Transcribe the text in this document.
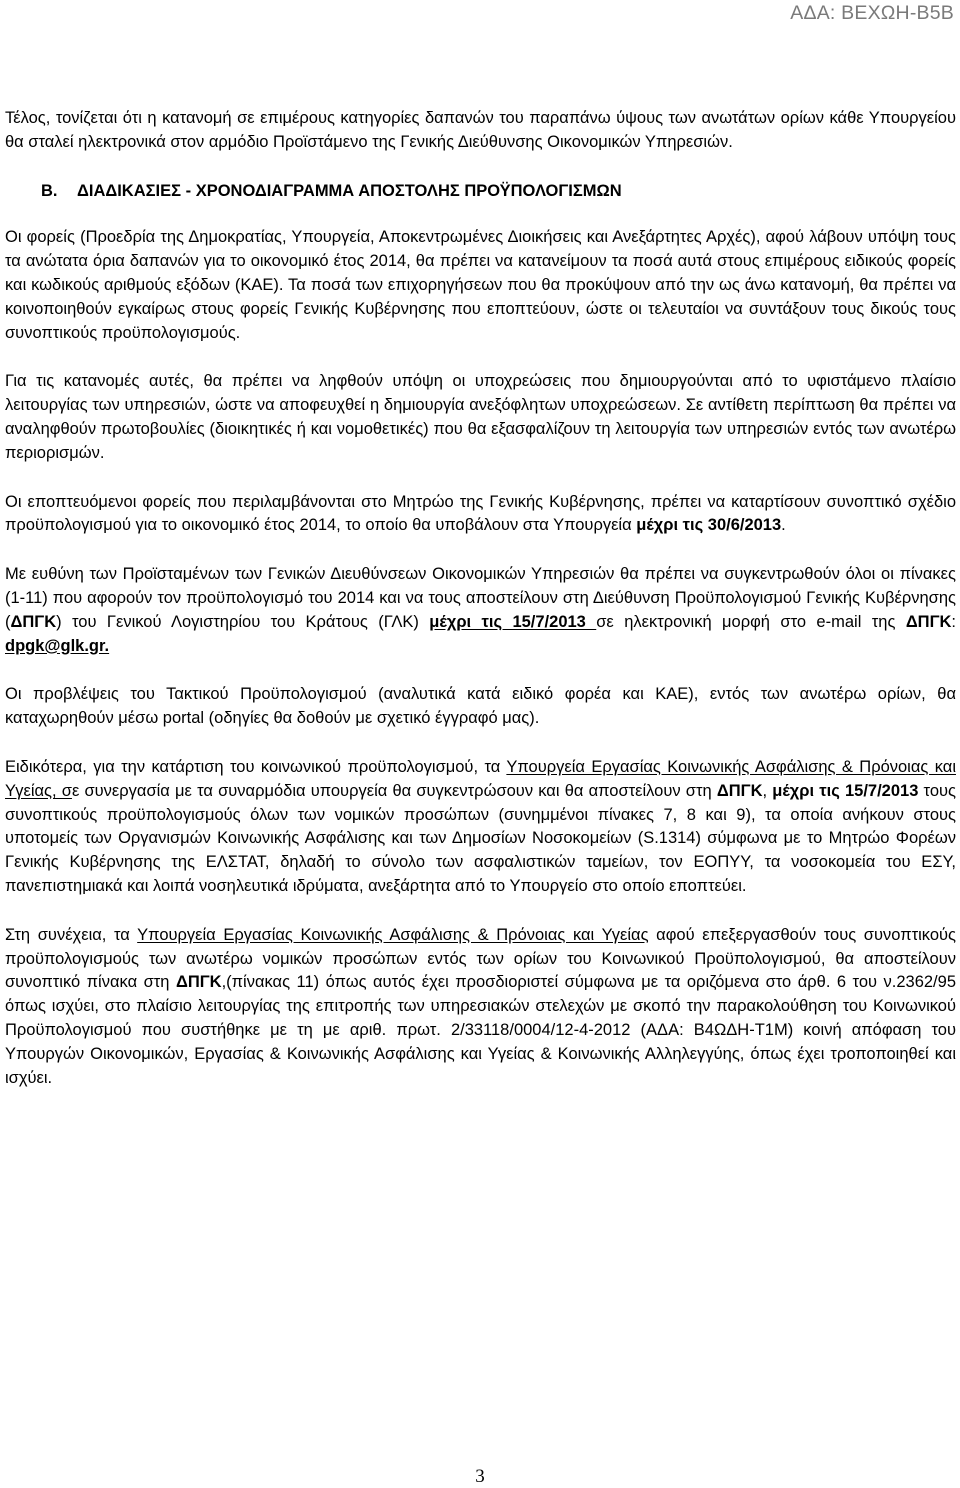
ΑΔΑ: ΒΕΧΩΗ-Β5Β

Τέλος, τονίζεται ότι η κατανομή σε επιμέρους κατηγορίες δαπανών του παραπάνω ύψους των ανωτάτων ορίων κάθε Υπουργείου θα σταλεί ηλεκτρονικά στον αρμόδιο Προϊστάμενο της Γενικής Διεύθυνσης Οικονομικών Υπηρεσιών.

Β. ΔΙΑΔΙΚΑΣΙΕΣ - ΧΡΟΝΟΔΙΑΓΡΑΜΜΑ ΑΠΟΣΤΟΛΗΣ ΠΡΟΫΠΟΛΟΓΙΣΜΩΝ

Οι φορείς (Προεδρία της Δημοκρατίας, Υπουργεία, Αποκεντρωμένες Διοικήσεις και Ανεξάρτητες Αρχές), αφού λάβουν υπόψη τους τα ανώτατα όρια δαπανών για το οικονομικό έτος 2014, θα πρέπει να κατανείμουν τα ποσά αυτά στους επιμέρους ειδικούς φορείς και κωδικούς αριθμούς εξόδων (ΚΑΕ). Τα ποσά των επιχορηγήσεων που θα προκύψουν από την ως άνω κατανομή, θα πρέπει να κοινοποιηθούν εγκαίρως στους φορείς Γενικής Κυβέρνησης που εποπτεύουν, ώστε οι τελευταίοι να συντάξουν τους δικούς τους συνοπτικούς προϋπολογισμούς.

Για τις κατανομές αυτές, θα πρέπει να ληφθούν υπόψη οι υποχρεώσεις που δημιουργούνται από το υφιστάμενο πλαίσιο λειτουργίας των υπηρεσιών, ώστε να αποφευχθεί η δημιουργία ανεξόφλητων υποχρεώσεων. Σε αντίθετη περίπτωση θα πρέπει να αναληφθούν πρωτοβουλίες (διοικητικές ή και νομοθετικές) που θα εξασφαλίζουν τη λειτουργία των υπηρεσιών εντός των ανωτέρω περιορισμών.

Οι εποπτευόμενοι φορείς που περιλαμβάνονται στο Μητρώο της Γενικής Κυβέρνησης, πρέπει να καταρτίσουν συνοπτικό σχέδιο προϋπολογισμού για το οικονομικό έτος 2014, το οποίο θα υποβάλουν στα Υπουργεία μέχρι τις 30/6/2013.

Με ευθύνη των Προϊσταμένων των Γενικών Διευθύνσεων Οικονομικών Υπηρεσιών θα πρέπει να συγκεντρωθούν όλοι οι πίνακες (1-11) που αφορούν τον προϋπολογισμό του 2014 και να τους αποστείλουν στη Διεύθυνση Προϋπολογισμού Γενικής Κυβέρνησης (ΔΠΓΚ) του Γενικού Λογιστηρίου του Κράτους (ΓΛΚ) μέχρι τις 15/7/2013 σε ηλεκτρονική μορφή στο e-mail της ΔΠΓΚ: dpgk@glk.gr.

Οι προβλέψεις του Τακτικού Προϋπολογισμού (αναλυτικά κατά ειδικό φορέα και ΚΑΕ), εντός των ανωτέρω ορίων, θα καταχωρηθούν μέσω portal (οδηγίες θα δοθούν με σχετικό έγγραφό μας).

Ειδικότερα, για την κατάρτιση του κοινωνικού προϋπολογισμού, τα Υπουργεία Εργασίας Κοινωνικής Ασφάλισης & Πρόνοιας και Υγείας, σε συνεργασία με τα συναρμόδια υπουργεία θα συγκεντρώσουν και θα αποστείλουν στη ΔΠΓΚ, μέχρι τις 15/7/2013 τους συνοπτικούς προϋπολογισμούς όλων των νομικών προσώπων (συνημμένοι πίνακες 7, 8 και 9), τα οποία ανήκουν στους υποτομείς των Οργανισμών Κοινωνικής Ασφάλισης και των Δημοσίων Νοσοκομείων (S.1314) σύμφωνα με το Μητρώο Φορέων Γενικής Κυβέρνησης της ΕΛΣΤΑΤ, δηλαδή το σύνολο των ασφαλιστικών ταμείων, τον ΕΟΠΥΥ, τα νοσοκομεία του ΕΣΥ, πανεπιστημιακά και λοιπά νοσηλευτικά ιδρύματα, ανεξάρτητα από το Υπουργείο στο οποίο εποπτεύει.

Στη συνέχεια, τα Υπουργεία Εργασίας Κοινωνικής Ασφάλισης & Πρόνοιας και Υγείας αφού επεξεργασθούν τους συνοπτικούς προϋπολογισμούς των ανωτέρω νομικών προσώπων εντός των ορίων του Κοινωνικού Προϋπολογισμού, θα αποστείλουν συνοπτικό πίνακα στη ΔΠΓΚ,(πίνακας 11) όπως αυτός έχει προσδιοριστεί σύμφωνα με τα οριζόμενα στο άρθ. 6 του ν.2362/95 όπως ισχύει, στο πλαίσιο λειτουργίας της επιτροπής των υπηρεσιακών στελεχών με σκοπό την παρακολούθηση του Κοινωνικού Προϋπολογισμού που συστήθηκε με τη με αριθ. πρωτ. 2/33118/0004/12-4-2012 (ΑΔΑ: Β4ΩΔΗ-Τ1Μ) κοινή απόφαση του Υπουργών Οικονομικών, Εργασίας & Κοινωνικής Ασφάλισης και Υγείας & Κοινωνικής Αλληλεγγύης, όπως έχει τροποποιηθεί και ισχύει.

3
